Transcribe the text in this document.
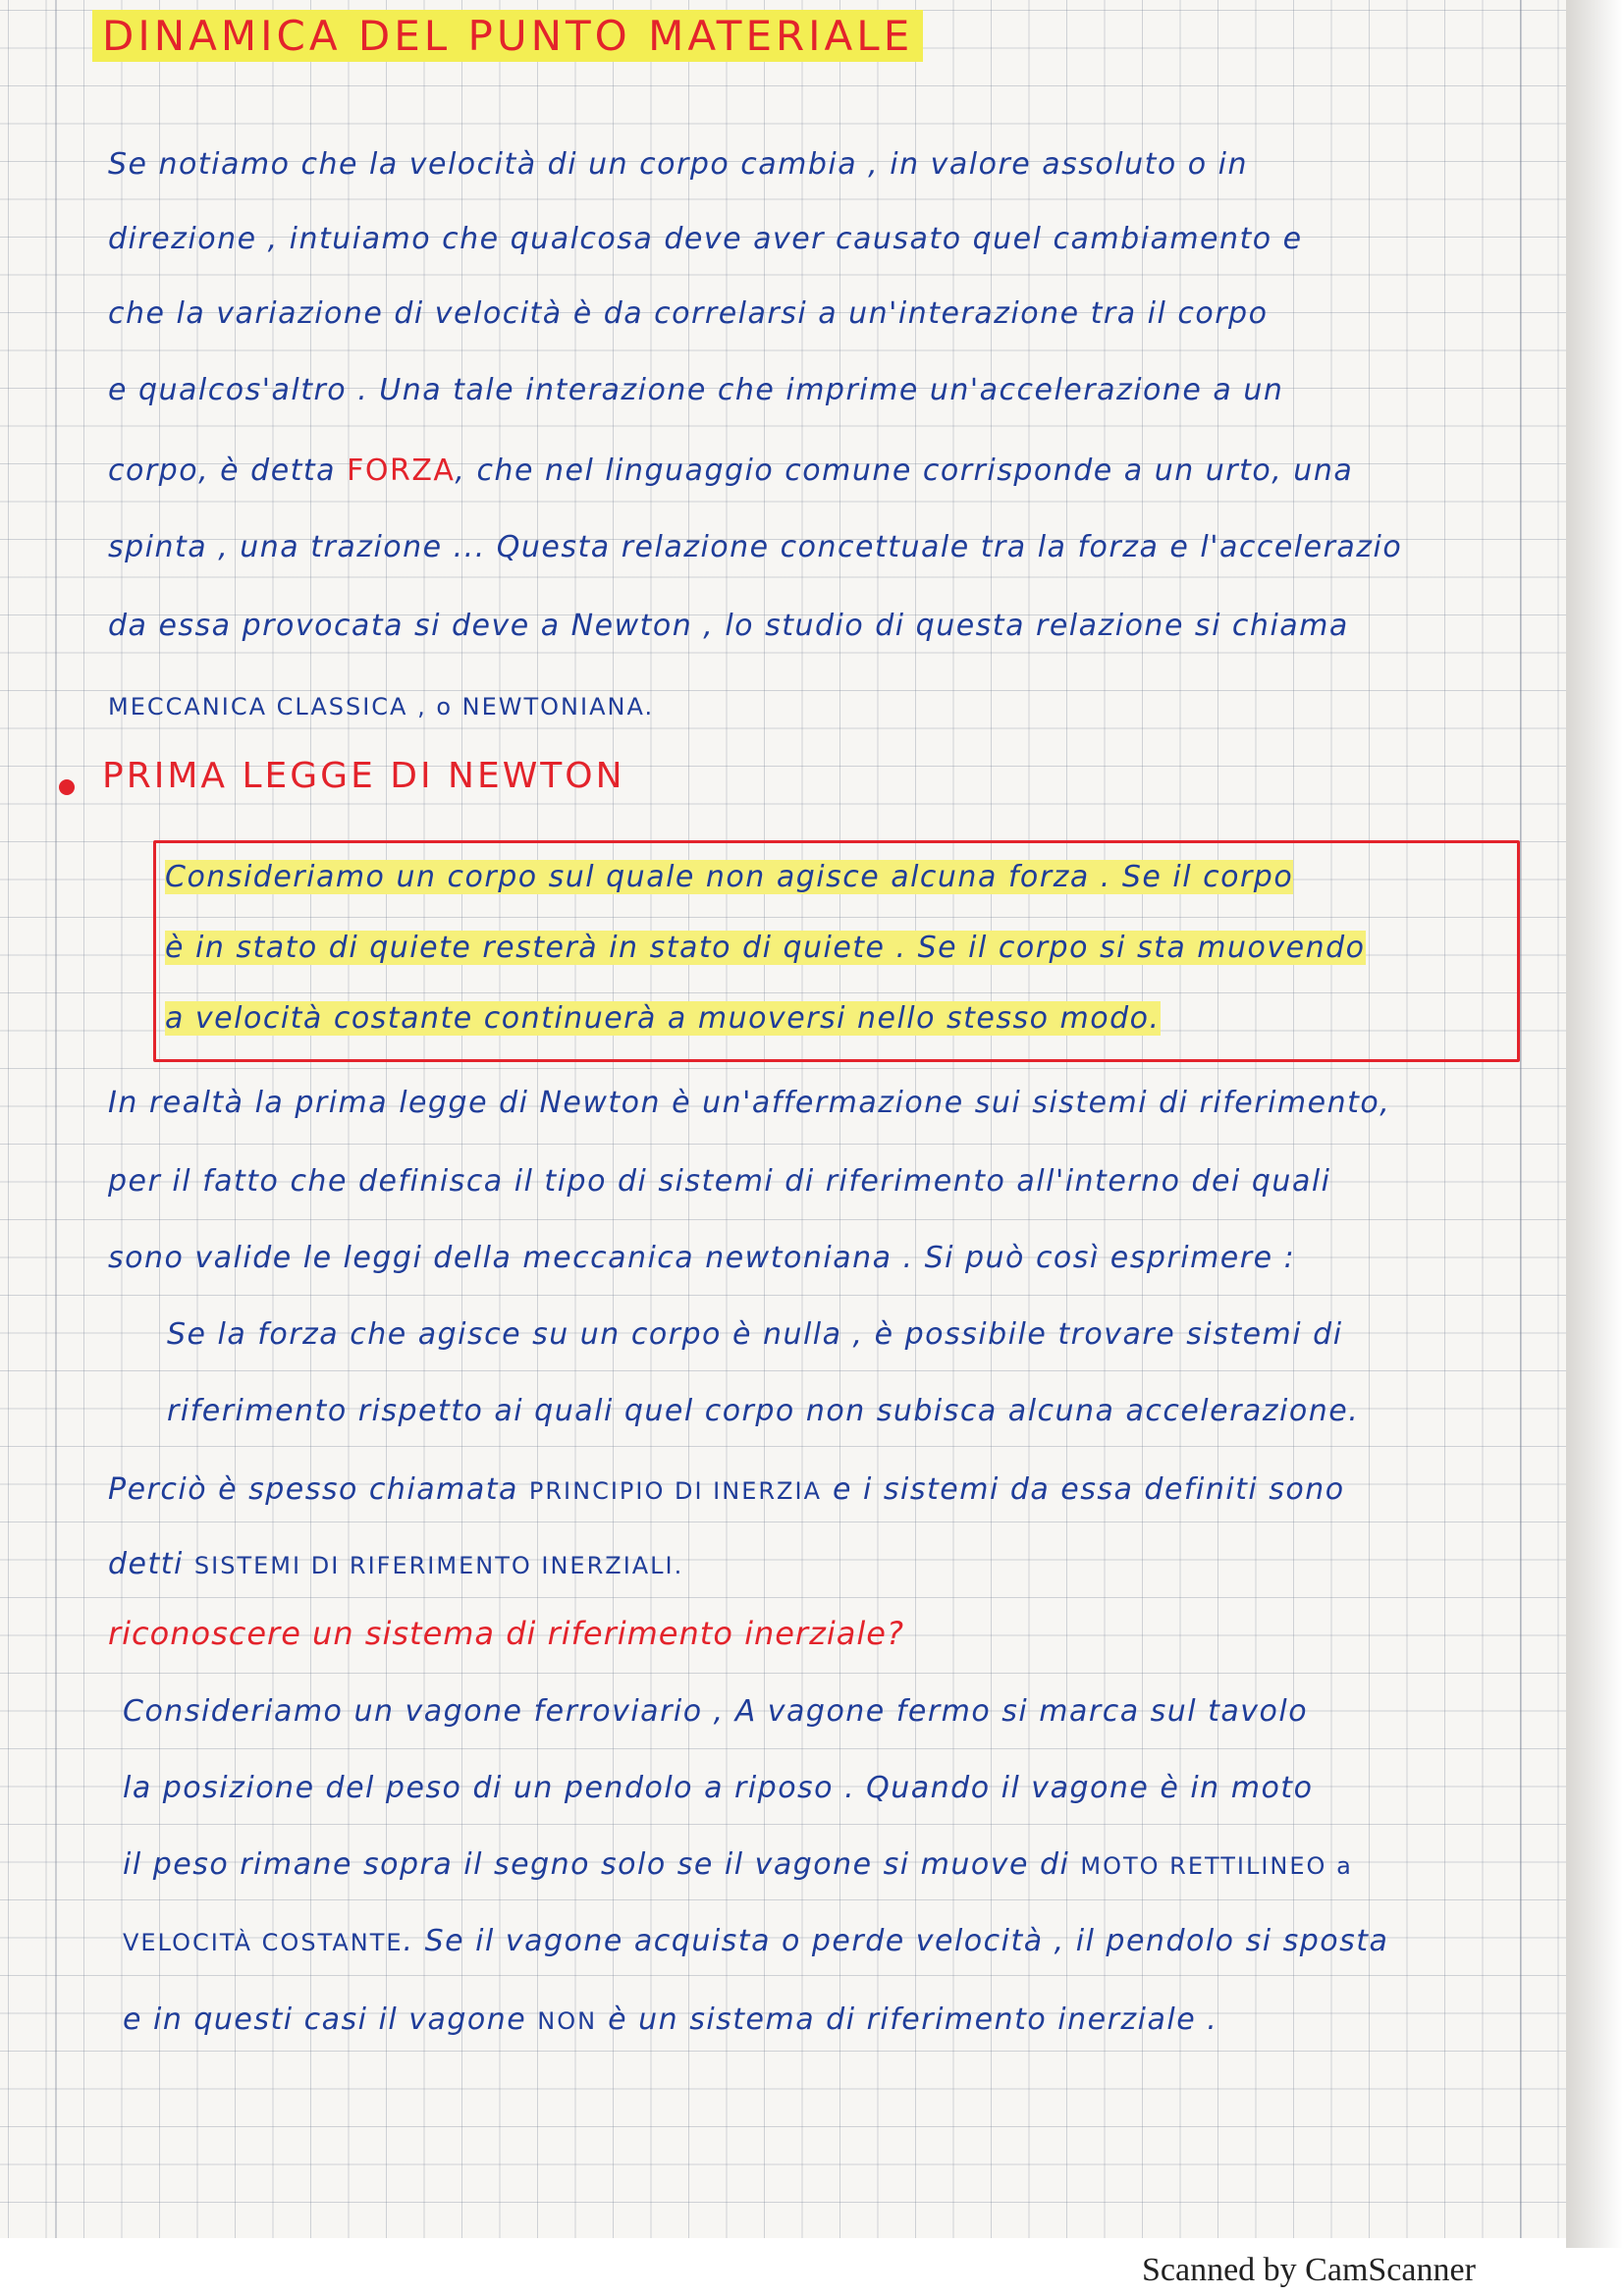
DINAMICA DEL PUNTO MATERIALE
Se notiamo che la velocità di un corpo cambia , in valore assoluto o in
direzione , intuiamo che qualcosa deve aver causato quel cambiamento e
che la variazione di velocità è da correlarsi a un'interazione tra il corpo
e qualcos'altro . Una tale interazione che imprime un'accelerazione a un
corpo, è detta FORZA, che nel linguaggio comune corrisponde a un urto, una
spinta , una trazione ... Questa relazione concettuale tra la forza e l'accelerazio
da essa provocata si deve a Newton , lo studio di questa relazione si chiama
MECCANICA CLASSICA , o NEWTONIANA.
PRIMA LEGGE DI NEWTON
Consideriamo un corpo sul quale non agisce alcuna forza . Se il corpo
è in stato di quiete resterà in stato di quiete . Se il corpo si sta muovendo
a velocità costante continuerà a muoversi nello stesso modo.
In realtà la prima legge di Newton è un'affermazione sui sistemi di riferimento,
per il fatto che definisca il tipo di sistemi di riferimento all'interno dei quali
sono valide le leggi della meccanica newtoniana . Si può così esprimere :
Se la forza che agisce su un corpo è nulla , è possibile trovare sistemi di
riferimento rispetto ai quali quel corpo non subisca alcuna accelerazione.
Perciò è spesso chiamata PRINCIPIO DI INERZIA e i sistemi da essa definiti sono
detti SISTEMI DI RIFERIMENTO INERZIALI.
riconoscere un sistema di riferimento inerziale?
Consideriamo un vagone ferroviario , A vagone fermo si marca sul tavolo
la posizione del peso di un pendolo a riposo . Quando il vagone è in moto
il peso rimane sopra il segno solo se il vagone si muove di MOTO RETTILINEO a
VELOCITÀ COSTANTE. Se il vagone acquista o perde velocità , il pendolo si sposta
e in questi casi il vagone NON è un sistema di riferimento inerziale .
Scanned by CamScanner
